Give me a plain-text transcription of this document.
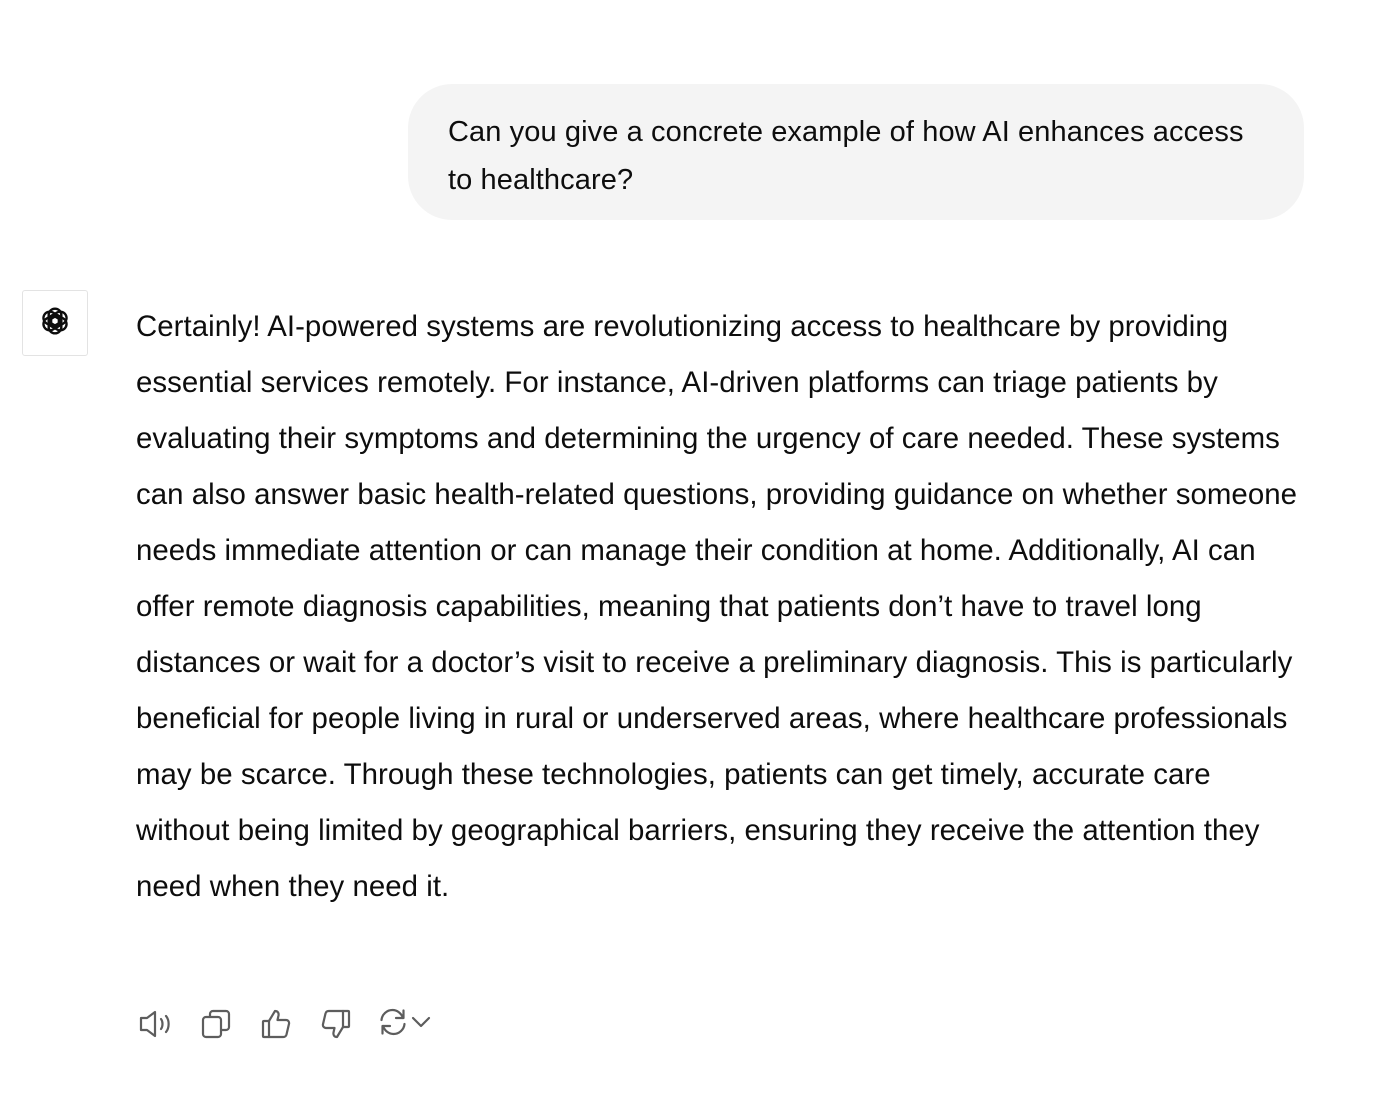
Can you give a concrete example of how AI enhances access to healthcare?

Certainly! AI-powered systems are revolutionizing access to healthcare by providing essential services remotely. For instance, AI-driven platforms can triage patients by evaluating their symptoms and determining the urgency of care needed. These systems can also answer basic health-related questions, providing guidance on whether someone needs immediate attention or can manage their condition at home. Additionally, AI can offer remote diagnosis capabilities, meaning that patients don’t have to travel long distances or wait for a doctor’s visit to receive a preliminary diagnosis. This is particularly beneficial for people living in rural or underserved areas, where healthcare professionals may be scarce. Through these technologies, patients can get timely, accurate care without being limited by geographical barriers, ensuring they receive the attention they need when they need it.
